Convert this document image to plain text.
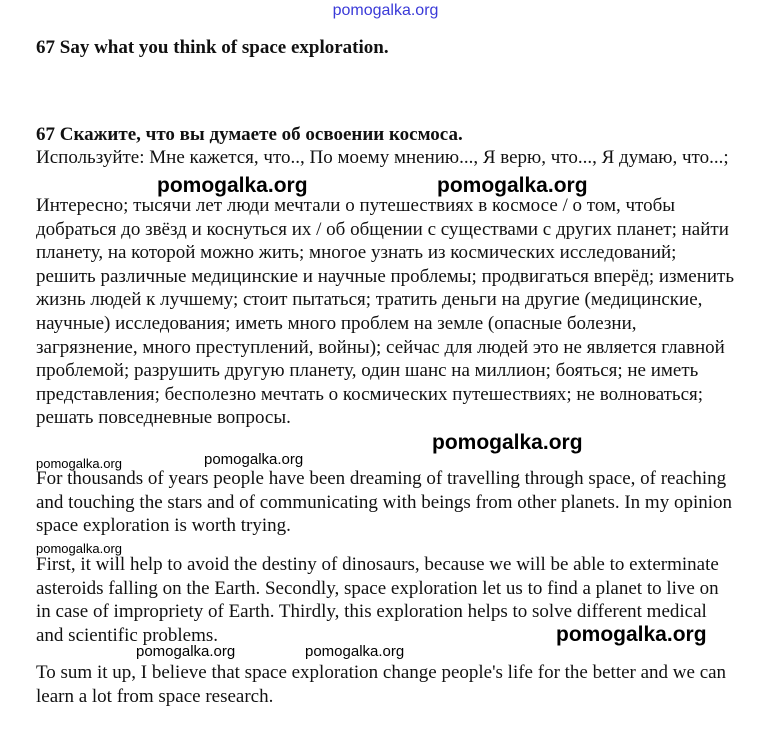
pomogalka.org
67 Say what you think of space exploration.
67 Скажите, что вы думаете об освоении космоса.

Используйте: Мне кажется, что.., По моему мнению..., Я верю, что..., Я думаю, что...;

Интересно; тысячи лет люди мечтали о путешествиях в космосе / о том, чтобы добраться до звёзд и коснуться их / об общении с существами с других планет; найти планету, на которой можно жить; многое узнать из космических исследований; решить различные медицинские и научные проблемы; продвигаться вперёд; изменить жизнь людей к лучшему; стоит пытаться; тратить деньги на другие (медицинские, научные) исследования; иметь много проблем на земле (опасные болезни, загрязнение, много преступлений, войны); сейчас для людей это не является главной проблемой; разрушить другую планету, один шанс на миллион; бояться; не иметь представления; бесполезно мечтать о космических путешествиях; не волноваться; решать повседневные вопросы.

For thousands of years people have been dreaming of travelling through space, of reaching and touching the stars and of communicating with beings from other planets. In my opinion space exploration is worth trying.

First, it will help to avoid the destiny of dinosaurs, because we will be able to exterminate asteroids falling on the Earth. Secondly, space exploration let us to find a planet to live on in case of impropriety of Earth. Thirdly, this exploration helps to solve different medical and scientific problems.

To sum it up, I believe that space exploration change people's life for the better and we can learn a lot from space research.

pomogalka.org	pomogalka.org
pomogalka.org
pomogalka.org	pomogalka.org
pomogalka.org
pomogalka.org
pomogalka.org	pomogalka.org
